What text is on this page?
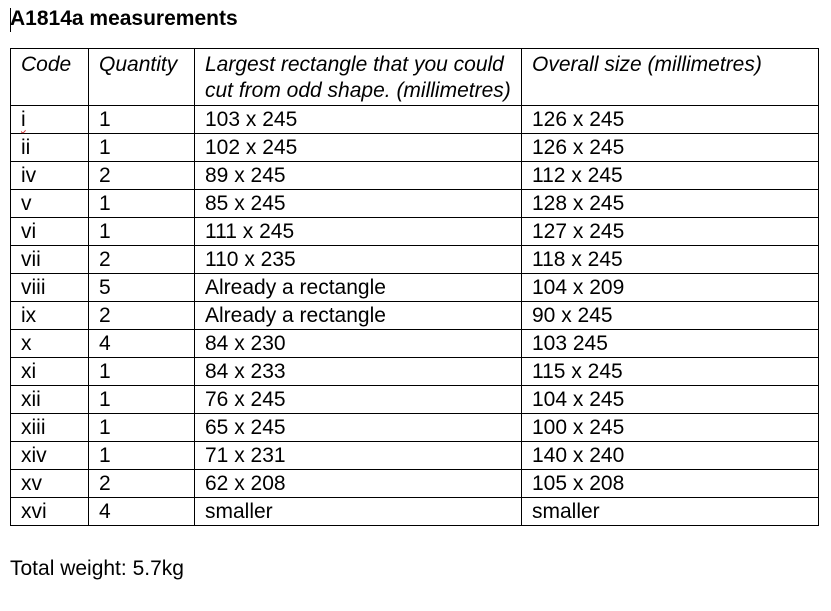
A1814a measurements
Code	Quantity	Largest rectangle that you could cut from odd shape. (millimetres)	Overall size (millimetres)
i	1	103 x 245	126 x 245
ii	1	102 x 245	126 x 245
iv	2	89 x 245	112 x 245
v	1	85 x 245	128 x 245
vi	1	111 x 245	127 x 245
vii	2	110 x 235	118 x 245
viii	5	Already a rectangle	104 x 209
ix	2	Already a rectangle	90 x 245
x	4	84 x 230	103 245
xi	1	84 x 233	115 x 245
xii	1	76 x 245	104 x 245
xiii	1	65 x 245	100 x 245
xiv	1	71 x 231	140 x 240
xv	2	62 x 208	105 x 208
xvi	4	smaller	smaller
Total weight: 5.7kg
